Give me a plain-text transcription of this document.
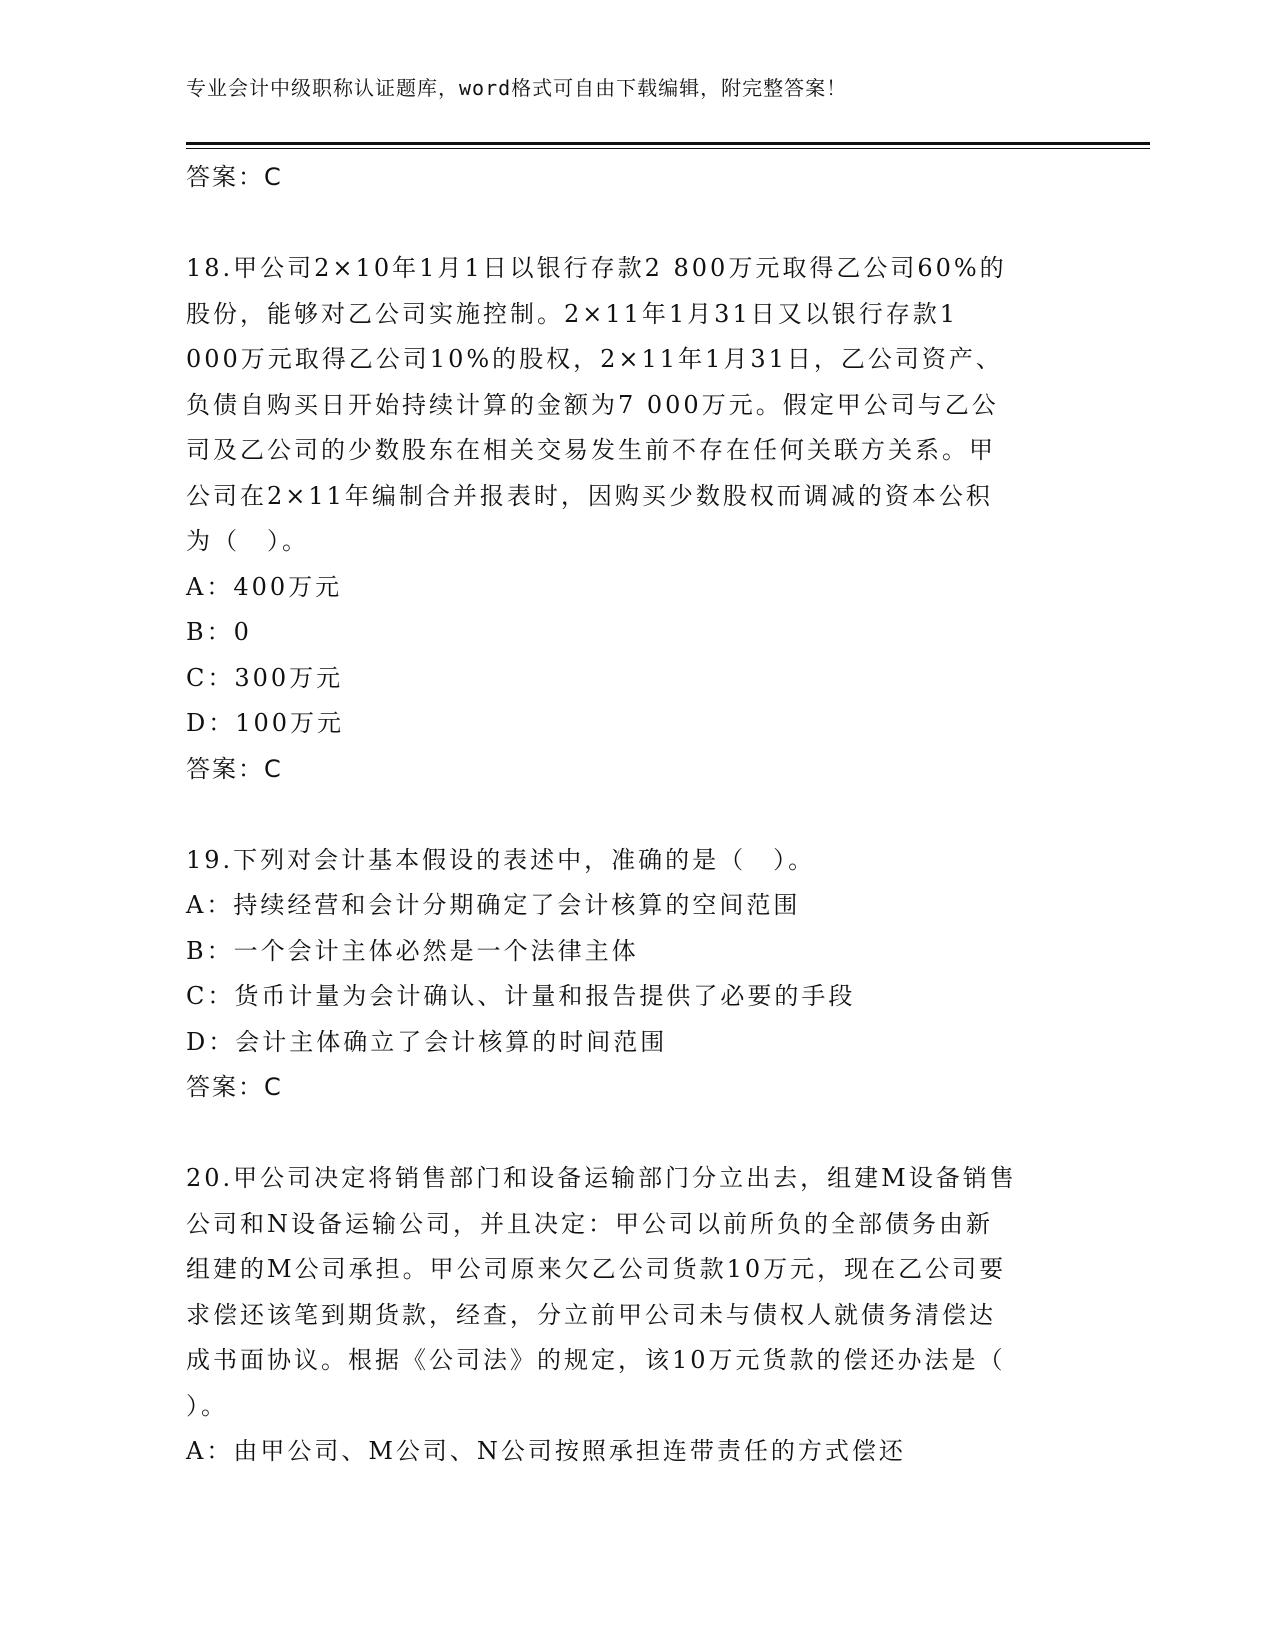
专业会计中级职称认证题库，word格式可自由下载编辑，附完整答案！
答案：C
18.甲公司2×10年1月1日以银行存款2 800万元取得乙公司60%的
股份，能够对乙公司实施控制。2×11年1月31日又以银行存款1
000万元取得乙公司10%的股权，2×11年1月31日，乙公司资产、
负债自购买日开始持续计算的金额为7 000万元。假定甲公司与乙公
司及乙公司的少数股东在相关交易发生前不存在任何关联方关系。甲
公司在2×11年编制合并报表时，因购买少数股权而调减的资本公积
为（　）。
A：400万元
B：0
C：300万元
D：100万元
答案：C
19.下列对会计基本假设的表述中，准确的是（　）。
A：持续经营和会计分期确定了会计核算的空间范围
B：一个会计主体必然是一个法律主体
C：货币计量为会计确认、计量和报告提供了必要的手段
D：会计主体确立了会计核算的时间范围
答案：C
20.甲公司决定将销售部门和设备运输部门分立出去，组建M设备销售
公司和N设备运输公司，并且决定：甲公司以前所负的全部债务由新
组建的M公司承担。甲公司原来欠乙公司货款10万元，现在乙公司要
求偿还该笔到期货款，经查，分立前甲公司未与债权人就债务清偿达
成书面协议。根据《公司法》的规定，该10万元货款的偿还办法是（
）。
A：由甲公司、M公司、N公司按照承担连带责任的方式偿还
